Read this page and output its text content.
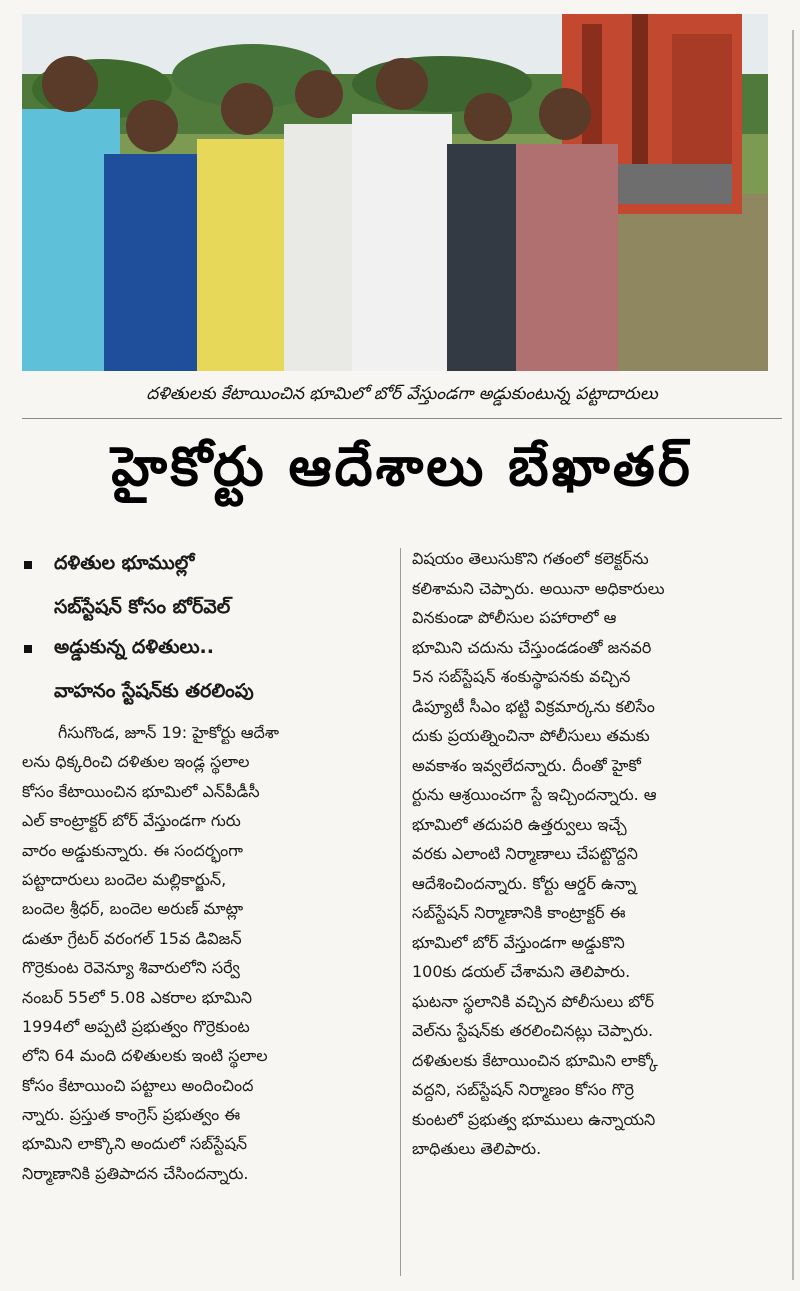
దళితులకు కేటాయించిన భూమిలో బోర్ వేస్తుండగా అడ్డుకుంటున్న పట్టాదారులు
హైకోర్టు ఆదేశాలు బేఖాతర్
దళితుల భూముల్లో
సబ్‌స్టేషన్ కోసం బోర్‌వెల్
అడ్డుకున్న దళితులు..
వాహనం స్టేషన్‌కు తరలింపు
గీసుగొండ, జూన్ 19: హైకోర్టు ఆదేశా
లను ధిక్కరించి దళితుల ఇండ్ల స్థలాల
కోసం కేటాయించిన భూమిలో ఎన్‌పీడీసీ
ఎల్ కాంట్రాక్టర్ బోర్ వేస్తుండగా గురు
వారం అడ్డుకున్నారు. ఈ సందర్భంగా
పట్టాదారులు బందెల మల్లికార్జున్,
బందెల శ్రీధర్, బందెల అరుణ్ మాట్లా
డుతూ గ్రేటర్ వరంగల్ 15వ డివిజన్
గొర్రెకుంట రెవెన్యూ శివారులోని సర్వే
నంబర్ 55లో 5.08 ఎకరాల భూమిని
1994లో అప్పటి ప్రభుత్వం గొర్రెకుంట
లోని 64 మంది దళితులకు ఇంటి స్థలాల
కోసం కేటాయించి పట్టాలు అందించింద
న్నారు. ప్రస్తుత కాంగ్రెస్ ప్రభుత్వం ఈ
భూమిని లాక్కొని అందులో సబ్‌స్టేషన్
నిర్మాణానికి ప్రతిపాదన చేసిందన్నారు.
విషయం తెలుసుకొని గతంలో కలెక్టర్‌ను
కలిశామని చెప్పారు. అయినా అధికారులు
వినకుండా పోలీసుల పహారాలో ఆ
భూమిని చదును చేస్తుండడంతో జనవరి
5న సబ్‌స్టేషన్ శంకుస్థాపనకు వచ్చిన
డిప్యూటీ సీఎం భట్టి విక్రమార్కను కలిసేం
దుకు ప్రయత్నించినా పోలీసులు తమకు
అవకాశం ఇవ్వలేదన్నారు. దీంతో హైకో
ర్టును ఆశ్రయించగా స్టే ఇచ్చిందన్నారు. ఆ
భూమిలో తదుపరి ఉత్తర్వులు ఇచ్చే
వరకు ఎలాంటి నిర్మాణాలు చేపట్టొద్దని
ఆదేశించిందన్నారు. కోర్టు ఆర్డర్ ఉన్నా
సబ్‌స్టేషన్ నిర్మాణానికి కాంట్రాక్టర్ ఈ
భూమిలో బోర్ వేస్తుండగా అడ్డుకొని
100కు డయల్ చేశామని తెలిపారు.
ఘటనా స్థలానికి వచ్చిన పోలీసులు బోర్
వెల్‌ను స్టేషన్‌కు తరలించినట్లు చెప్పారు.
దళితులకు కేటాయించిన భూమిని లాక్కో
వద్దని, సబ్‌స్టేషన్ నిర్మాణం కోసం గొర్రె
కుంటలో ప్రభుత్వ భూములు ఉన్నాయని
బాధితులు తెలిపారు.
